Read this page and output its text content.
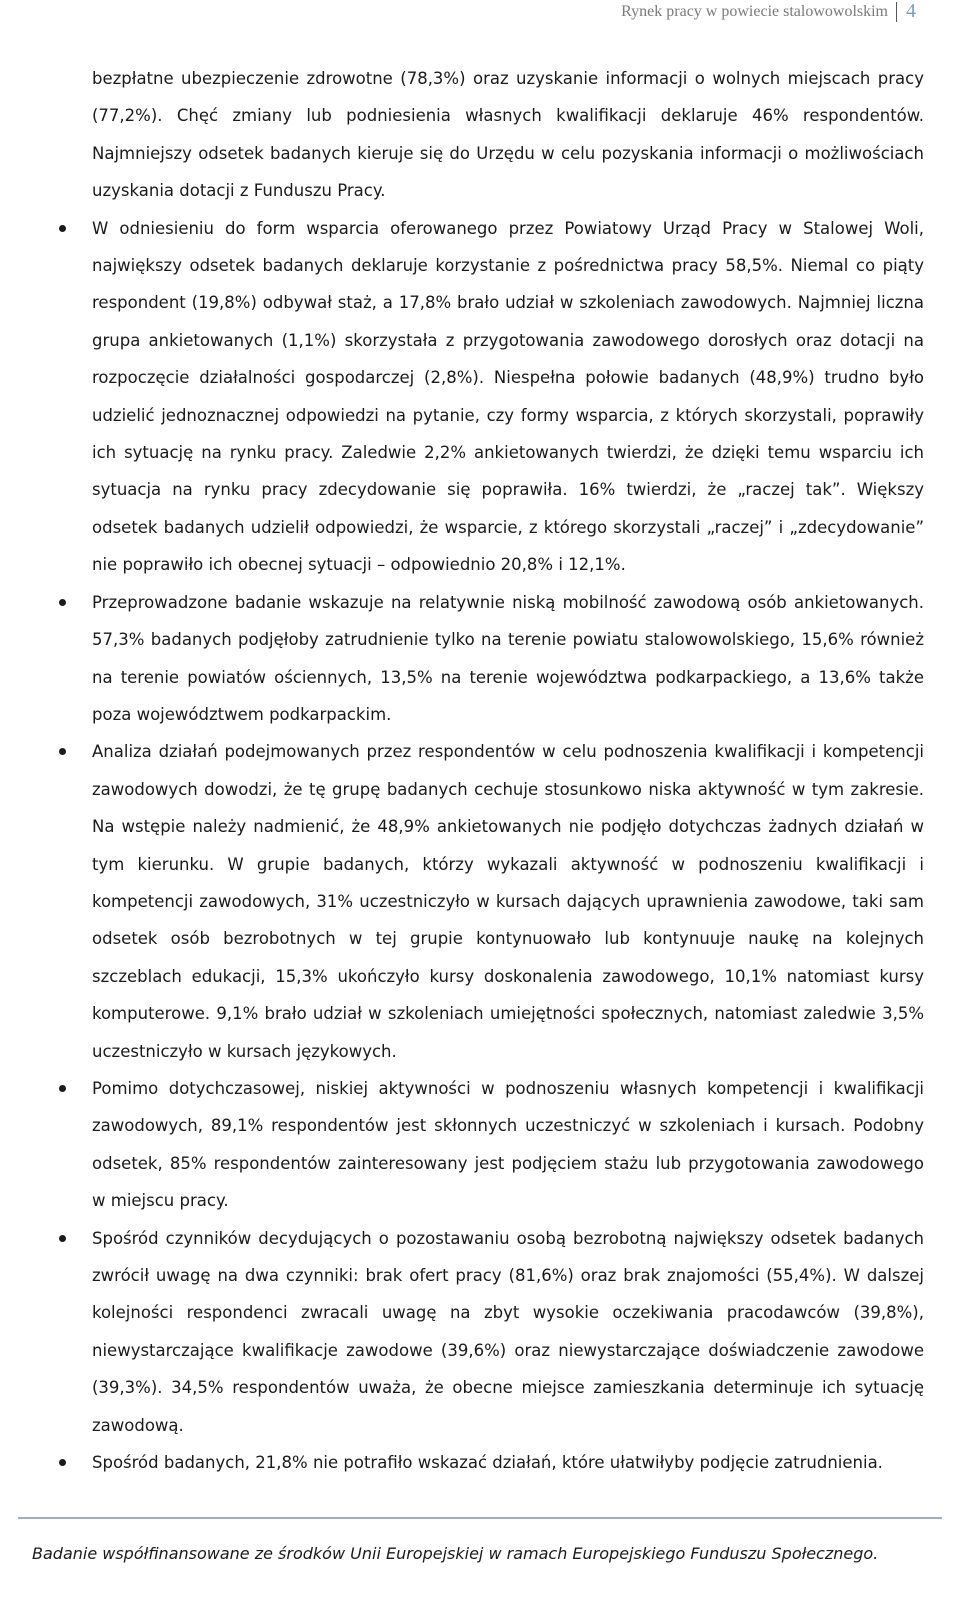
Rynek pracy w powiecie stalowowolskim 4

bezpłatne ubezpieczenie zdrowotne (78,3%) oraz uzyskanie informacji o wolnych miejscach pracy (77,2%). Chęć zmiany lub podniesienia własnych kwalifikacji deklaruje 46% respondentów. Najmniejszy odsetek badanych kieruje się do Urzędu w celu pozyskania informacji o możliwościach uzyskania dotacji z Funduszu Pracy.

W odniesieniu do form wsparcia oferowanego przez Powiatowy Urząd Pracy w Stalowej Woli, największy odsetek badanych deklaruje korzystanie z pośrednictwa pracy 58,5%. Niemal co piąty respondent (19,8%) odbywał staż, a 17,8% brało udział w szkoleniach zawodowych. Najmniej liczna grupa ankietowanych (1,1%) skorzystała z przygotowania zawodowego dorosłych oraz dotacji na rozpoczęcie działalności gospodarczej (2,8%). Niespełna połowie badanych (48,9%) trudno było udzielić jednoznacznej odpowiedzi na pytanie, czy formy wsparcia, z których skorzystali, poprawiły ich sytuację na rynku pracy. Zaledwie 2,2% ankietowanych twierdzi, że dzięki temu wsparciu ich sytuacja na rynku pracy zdecydowanie się poprawiła. 16% twierdzi, że „raczej tak”. Większy odsetek badanych udzielił odpowiedzi, że wsparcie, z którego skorzystali „raczej” i „zdecydowanie” nie poprawiło ich obecnej sytuacji – odpowiednio 20,8% i 12,1%.
Przeprowadzone badanie wskazuje na relatywnie niską mobilność zawodową osób ankietowanych. 57,3% badanych podjęłoby zatrudnienie tylko na terenie powiatu stalowowolskiego, 15,6% również na terenie powiatów ościennych, 13,5% na terenie województwa podkarpackiego, a 13,6% także poza województwem podkarpackim.
Analiza działań podejmowanych przez respondentów w celu podnoszenia kwalifikacji i kompetencji zawodowych dowodzi, że tę grupę badanych cechuje stosunkowo niska aktywność w tym zakresie. Na wstępie należy nadmienić, że 48,9% ankietowanych nie podjęło dotychczas żadnych działań w tym kierunku. W grupie badanych, którzy wykazali aktywność w podnoszeniu kwalifikacji i kompetencji zawodowych, 31% uczestniczyło w kursach dających uprawnienia zawodowe, taki sam odsetek osób bezrobotnych w tej grupie kontynuowało lub kontynuuje naukę na kolejnych szczeblach edukacji, 15,3% ukończyło kursy doskonalenia zawodowego, 10,1% natomiast kursy komputerowe. 9,1% brało udział w szkoleniach umiejętności społecznych, natomiast zaledwie 3,5% uczestniczyło w kursach językowych.
Pomimo dotychczasowej, niskiej aktywności w podnoszeniu własnych kompetencji i kwalifikacji zawodowych, 89,1% respondentów jest skłonnych uczestniczyć w szkoleniach i kursach. Podobny odsetek, 85% respondentów zainteresowany jest podjęciem stażu lub przygotowania zawodowego w miejscu pracy.
Spośród czynników decydujących o pozostawaniu osobą bezrobotną największy odsetek badanych zwrócił uwagę na dwa czynniki: brak ofert pracy (81,6%) oraz brak znajomości (55,4%). W dalszej kolejności respondenci zwracali uwagę na zbyt wysokie oczekiwania pracodawców (39,8%), niewystarczające kwalifikacje zawodowe (39,6%) oraz niewystarczające doświadczenie zawodowe (39,3%). 34,5% respondentów uważa, że obecne miejsce zamieszkania determinuje ich sytuację zawodową.
Spośród badanych, 21,8% nie potrafiło wskazać działań, które ułatwiłyby podjęcie zatrudnienia.
Badanie współfinansowane ze środków Unii Europejskiej w ramach Europejskiego Funduszu Społecznego.
